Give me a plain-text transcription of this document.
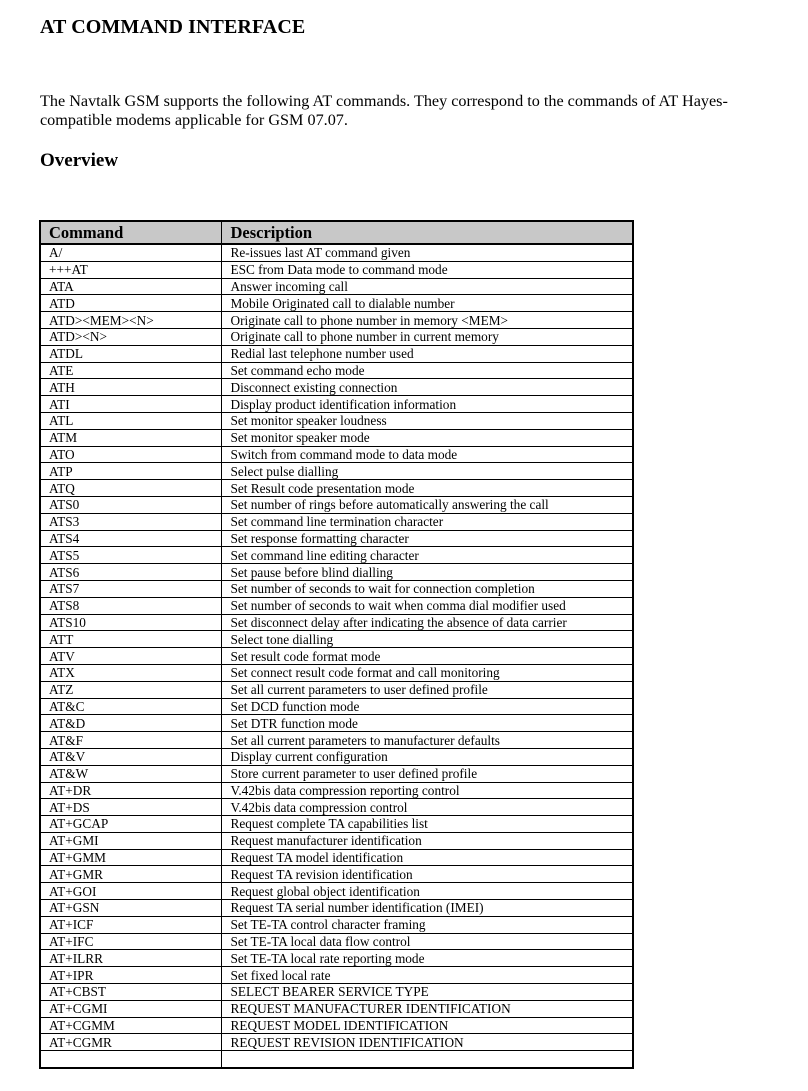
AT COMMAND INTERFACE

The Navtalk GSM supports the following AT commands. They correspond to the commands of AT Hayes-compatible modems applicable for GSM 07.07.

Overview
Command	Description
A/	Re-issues last AT command given
+++AT	ESC from Data mode to command mode
ATA	Answer incoming call
ATD	Mobile Originated call to dialable number
ATD><MEM><N>	Originate call to phone number in memory <MEM>
ATD><N>	Originate call to phone number in current memory
ATDL	Redial last telephone number used
ATE	Set command echo mode
ATH	Disconnect existing connection
ATI	Display product identification information
ATL	Set monitor speaker loudness
ATM	Set monitor speaker mode
ATO	Switch from command mode to data mode
ATP	Select pulse dialling
ATQ	Set Result code presentation mode
ATS0	Set number of rings before automatically answering the call
ATS3	Set command line termination character
ATS4	Set response formatting character
ATS5	Set command line editing character
ATS6	Set pause before blind dialling
ATS7	Set number of seconds to wait for connection completion
ATS8	Set number of seconds to wait when comma dial modifier used
ATS10	Set disconnect delay after indicating the absence of data carrier
ATT	Select tone dialling
ATV	Set result code format mode
ATX	Set connect result code format and call monitoring
ATZ	Set all current parameters to user defined profile
AT&C	Set DCD function mode
AT&D	Set DTR function mode
AT&F	Set all current parameters to manufacturer defaults
AT&V	Display current configuration
AT&W	Store current parameter to user defined profile
AT+DR	V.42bis data compression reporting control
AT+DS	V.42bis data compression control
AT+GCAP	Request complete TA capabilities list
AT+GMI	Request manufacturer identification
AT+GMM	Request TA model identification
AT+GMR	Request TA revision identification
AT+GOI	Request global object identification
AT+GSN	Request TA serial number identification (IMEI)
AT+ICF	Set TE-TA control character framing
AT+IFC	Set TE-TA local data flow control
AT+ILRR	Set TE-TA local rate reporting mode
AT+IPR	Set fixed local rate
AT+CBST	SELECT BEARER SERVICE TYPE
AT+CGMI	REQUEST MANUFACTURER IDENTIFICATION
AT+CGMM	REQUEST MODEL IDENTIFICATION
AT+CGMR	REQUEST REVISION IDENTIFICATION
